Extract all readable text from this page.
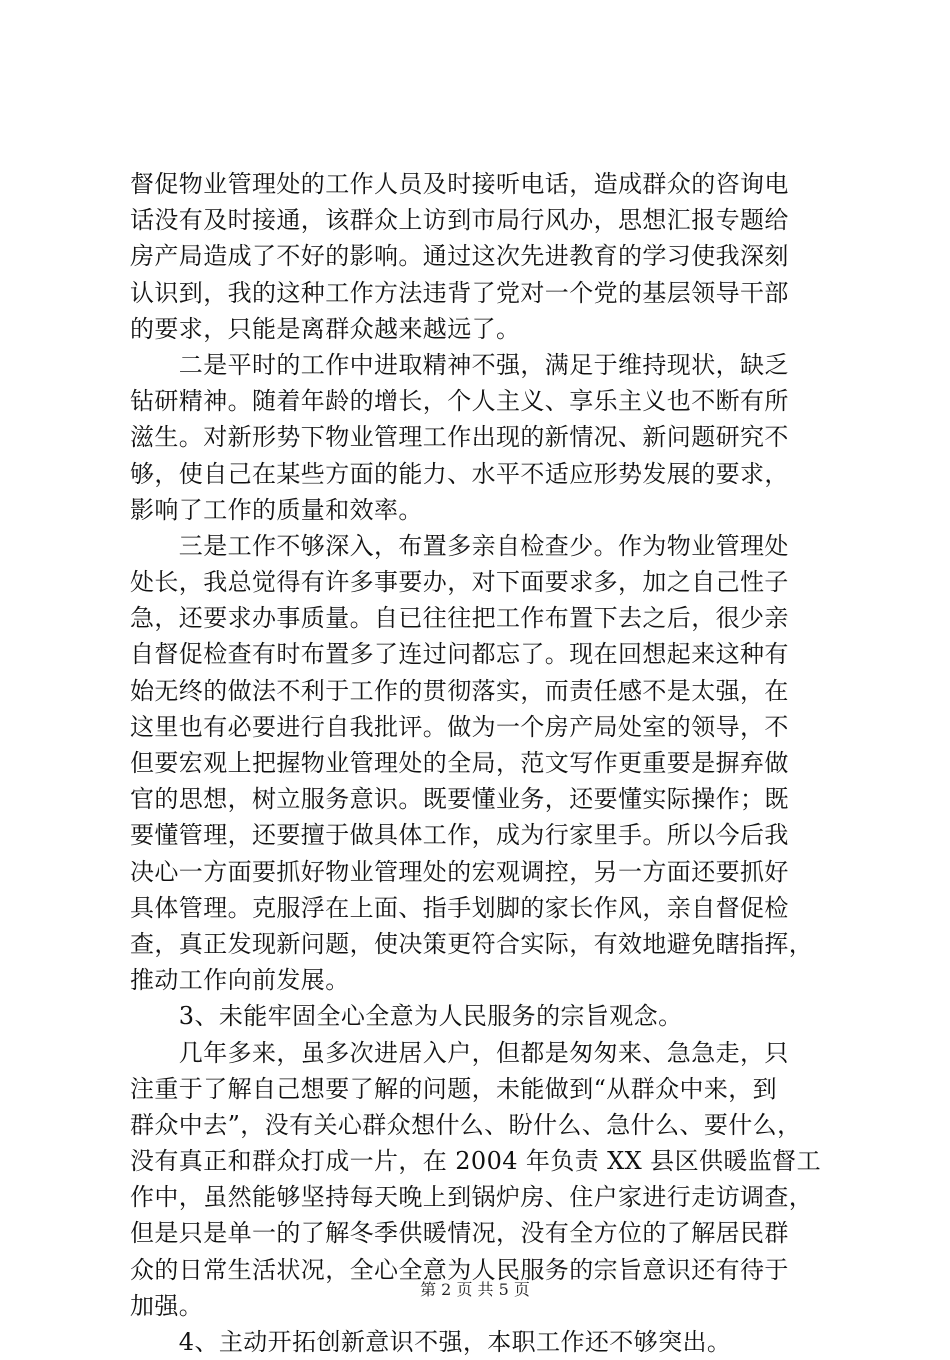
督促物业管理处的工作人员及时接听电话，造成群众的咨询电
话没有及时接通，该群众上访到市局行风办，思想汇报专题给
房产局造成了不好的影响。通过这次先进教育的学习使我深刻
认识到，我的这种工作方法违背了党对一个党的基层领导干部
的要求，只能是离群众越来越远了。
　　二是平时的工作中进取精神不强，满足于维持现状，缺乏
钻研精神。随着年龄的增长，个人主义、享乐主义也不断有所
滋生。对新形势下物业管理工作出现的新情况、新问题研究不
够，使自己在某些方面的能力、水平不适应形势发展的要求，
影响了工作的质量和效率。
　　三是工作不够深入，布置多亲自检查少。作为物业管理处
处长，我总觉得有许多事要办，对下面要求多，加之自己性子
急，还要求办事质量。自已往往把工作布置下去之后，很少亲
自督促检查有时布置多了连过问都忘了。现在回想起来这种有
始无终的做法不利于工作的贯彻落实，而责任感不是太强，在
这里也有必要进行自我批评。做为一个房产局处室的领导，不
但要宏观上把握物业管理处的全局，范文写作更重要是摒弃做
官的思想，树立服务意识。既要懂业务，还要懂实际操作；既
要懂管理，还要擅于做具体工作，成为行家里手。所以今后我
决心一方面要抓好物业管理处的宏观调控，另一方面还要抓好
具体管理。克服浮在上面、指手划脚的家长作风，亲自督促检
查，真正发现新问题，使决策更符合实际，有效地避免瞎指挥，
推动工作向前发展。
　　3、未能牢固全心全意为人民服务的宗旨观念。
　　几年多来，虽多次进居入户，但都是匆匆来、急急走，只
注重于了解自己想要了解的问题，未能做到“从群众中来，到
群众中去”，没有关心群众想什么、盼什么、急什么、要什么，
没有真正和群众打成一片，在 2004 年负责 XX 县区供暖监督工
作中，虽然能够坚持每天晚上到锅炉房、住户家进行走访调查，
但是只是单一的了解冬季供暖情况，没有全方位的了解居民群
众的日常生活状况，全心全意为人民服务的宗旨意识还有待于
加强。
　　4、主动开拓创新意识不强，本职工作还不够突出。
第 2 页 共 5 页
